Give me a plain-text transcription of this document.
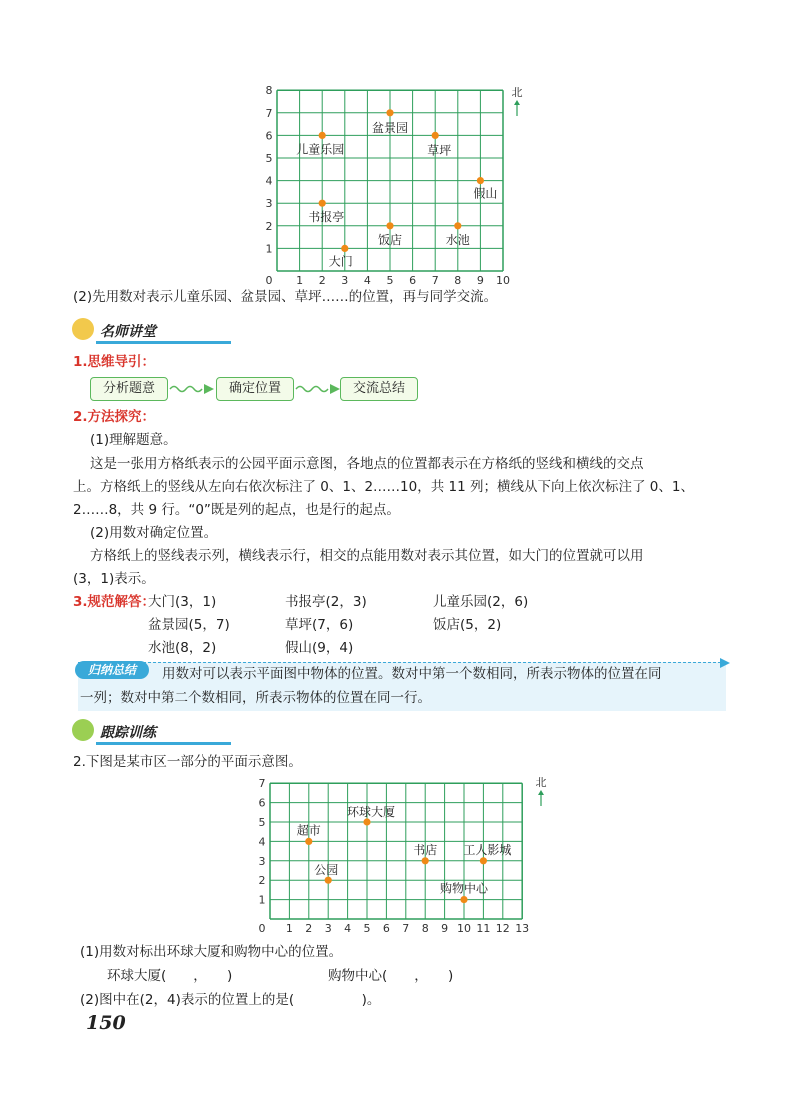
0 1 2 3 4 5 6 7 8 9 10
1
2
3
4
5
6
7
8
大门
书报亭
儿童乐园
盆景园
草坪
饭店	水池
假山
北
(2)先用数对表示儿童乐园、盆景园、草坪……的位置，再与同学交流。
名师讲堂
1.思维导引：
分析题意	确定位置	交流总结
2.方法探究：
(1)理解题意。
这是一张用方格纸表示的公园平面示意图，各地点的位置都表示在方格纸的竖线和横线的交点
上。方格纸上的竖线从左向右依次标注了 0、1、2……10，共 11 列；横线从下向上依次标注了 0、1、
2……8，共 9 行。“0”既是列的起点，也是行的起点。
(2)用数对确定位置。
方格纸上的竖线表示列，横线表示行，相交的点能用数对表示其位置，如大门的位置就可以用
(3，1)表示。
3.规范解答：
大门(3，1)	书报亭(2，3)	儿童乐园(2，6)
盆景园(5，7)	草坪(7，6)	饭店(5，2)
水池(8，2)	假山(9，4)
归纳总结	用数对可以表示平面图中物体的位置。数对中第一个数相同，所表示物体的位置在同
一列；数对中第二个数相同，所表示物体的位置在同一行。
跟踪训练
2.下图是某市区一部分的平面示意图。
0 1 2 3 4 5 6 7 8 9 10 11 12 13
1
2
3
4
5
6
7
超市
公园
环球大厦
书店 工人影城
购物中心
北
(1)用数对标出环球大厦和购物中心的位置。
环球大厦(　　，　　)	购物中心(　　，　　)
(2)图中在(2，4)表示的位置上的是(　　　　　)。
150
